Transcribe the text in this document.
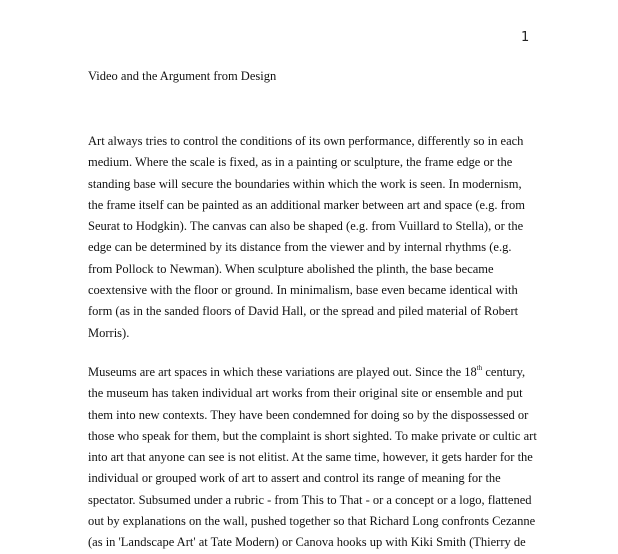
1
Video and the Argument from Design
Art always tries to control the conditions of its own performance, differently so in each
medium. Where the scale is fixed, as in a painting or sculpture, the frame edge or the
standing base will secure the boundaries within which the work is seen. In modernism,
the frame itself can be painted as an additional marker between art and space (e.g. from
Seurat to Hodgkin). The canvas can also be shaped (e.g. from Vuillard to Stella), or the
edge can be determined by its distance from the viewer and by internal rhythms (e.g.
from Pollock to Newman). When sculpture abolished the plinth, the base became
coextensive with the floor or ground. In minimalism, base even became identical with
form (as in the sanded floors of David Hall, or the spread and piled material of Robert
Morris).
Museums are art spaces in which these variations are played out. Since the 18th century,
the museum has taken individual art works from their original site or ensemble and put
them into new contexts. They have been condemned for doing so by the dispossessed or
those who speak for them, but the complaint is short sighted. To make private or cultic art
into art that anyone can see is not elitist. At the same time, however, it gets harder for the
individual or grouped work of art to assert and control its range of meaning for the
spectator. Subsumed under a rubric - from This to That - or a concept or a logo, flattened
out by explanations on the wall, pushed together so that Richard Long confronts Cezanne
(as in 'Landscape Art' at Tate Modern) or Canova hooks up with Kiki Smith (Thierry de
